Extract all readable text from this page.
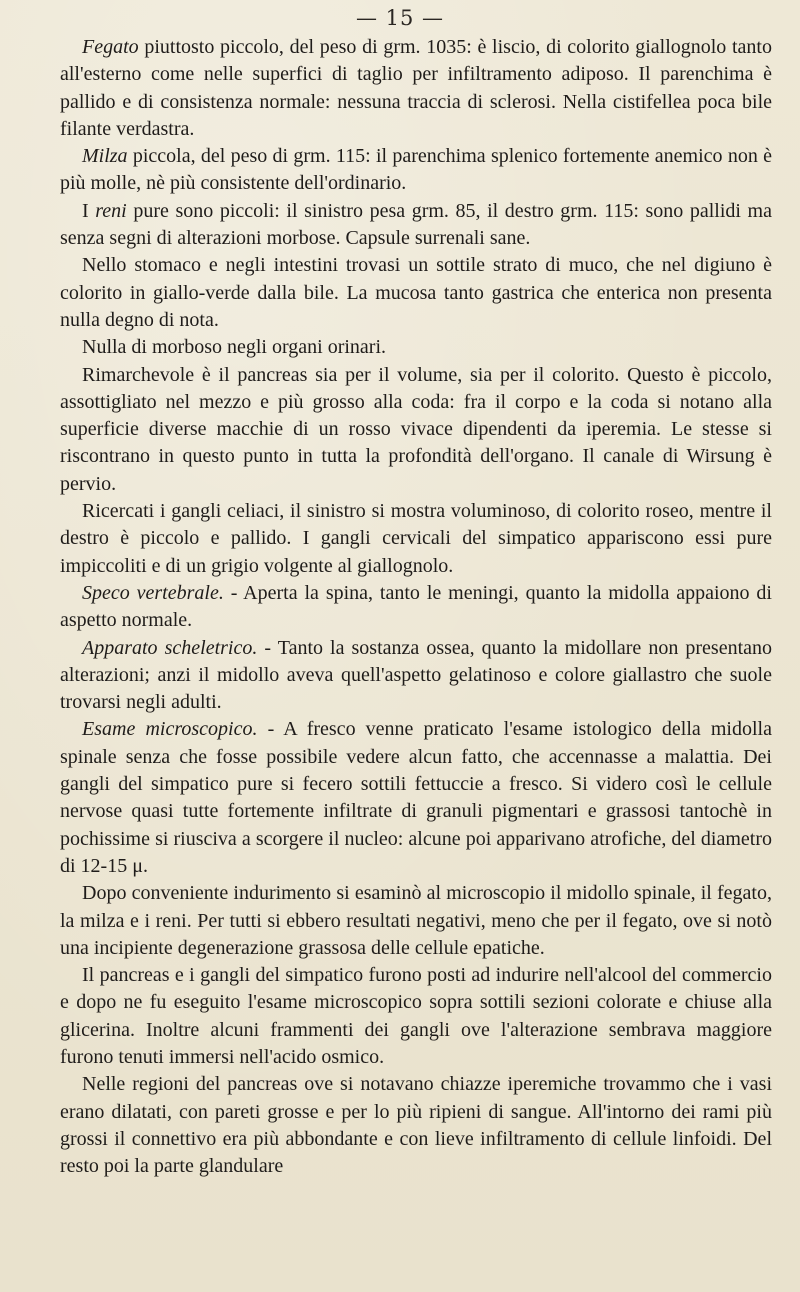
— 15 —

Fegato piuttosto piccolo, del peso di grm. 1035: è liscio, di colorito giallognolo tanto all'esterno come nelle superfici di taglio per infiltramento adiposo. Il parenchima è pallido e di consistenza normale: nessuna traccia di sclerosi. Nella cistifellea poca bile filante verdastra.

Milza piccola, del peso di grm. 115: il parenchima splenico fortemente anemico non è più molle, nè più consistente dell'ordinario.

I reni pure sono piccoli: il sinistro pesa grm. 85, il destro grm. 115: sono pallidi ma senza segni di alterazioni morbose. Capsule surrenali sane.

Nello stomaco e negli intestini trovasi un sottile strato di muco, che nel digiuno è colorito in giallo-verde dalla bile. La mucosa tanto gastrica che enterica non presenta nulla degno di nota.

Nulla di morboso negli organi orinari.

Rimarchevole è il pancreas sia per il volume, sia per il colorito. Questo è piccolo, assottigliato nel mezzo e più grosso alla coda: fra il corpo e la coda si notano alla superficie diverse macchie di un rosso vivace dipendenti da iperemia. Le stesse si riscontrano in questo punto in tutta la profondità dell'organo. Il canale di Wirsung è pervio.

Ricercati i gangli celiaci, il sinistro si mostra voluminoso, di colorito roseo, mentre il destro è piccolo e pallido. I gangli cervicali del simpatico appariscono essi pure impiccoliti e di un grigio volgente al giallognolo.

Speco vertebrale. - Aperta la spina, tanto le meningi, quanto la midolla appaiono di aspetto normale.

Apparato scheletrico. - Tanto la sostanza ossea, quanto la midollare non presentano alterazioni; anzi il midollo aveva quell'aspetto gelatinoso e colore giallastro che suole trovarsi negli adulti.

Esame microscopico. - A fresco venne praticato l'esame istologico della midolla spinale senza che fosse possibile vedere alcun fatto, che accennasse a malattia. Dei gangli del simpatico pure si fecero sottili fettuccie a fresco. Si videro così le cellule nervose quasi tutte fortemente infiltrate di granuli pigmentari e grassosi tantochè in pochissime si riusciva a scorgere il nucleo: alcune poi apparivano atrofiche, del diametro di 12-15 μ.

Dopo conveniente indurimento si esaminò al microscopio il midollo spinale, il fegato, la milza e i reni. Per tutti si ebbero resultati negativi, meno che per il fegato, ove si notò una incipiente degenerazione grassosa delle cellule epatiche.

Il pancreas e i gangli del simpatico furono posti ad indurire nell'alcool del commercio e dopo ne fu eseguito l'esame microscopico sopra sottili sezioni colorate e chiuse alla glicerina. Inoltre alcuni frammenti dei gangli ove l'alterazione sembrava maggiore furono tenuti immersi nell'acido osmico.

Nelle regioni del pancreas ove si notavano chiazze iperemiche trovammo che i vasi erano dilatati, con pareti grosse e per lo più ripieni di sangue. All'intorno dei rami più grossi il connettivo era più abbondante e con lieve infiltramento di cellule linfoidi. Del resto poi la parte glandulare
